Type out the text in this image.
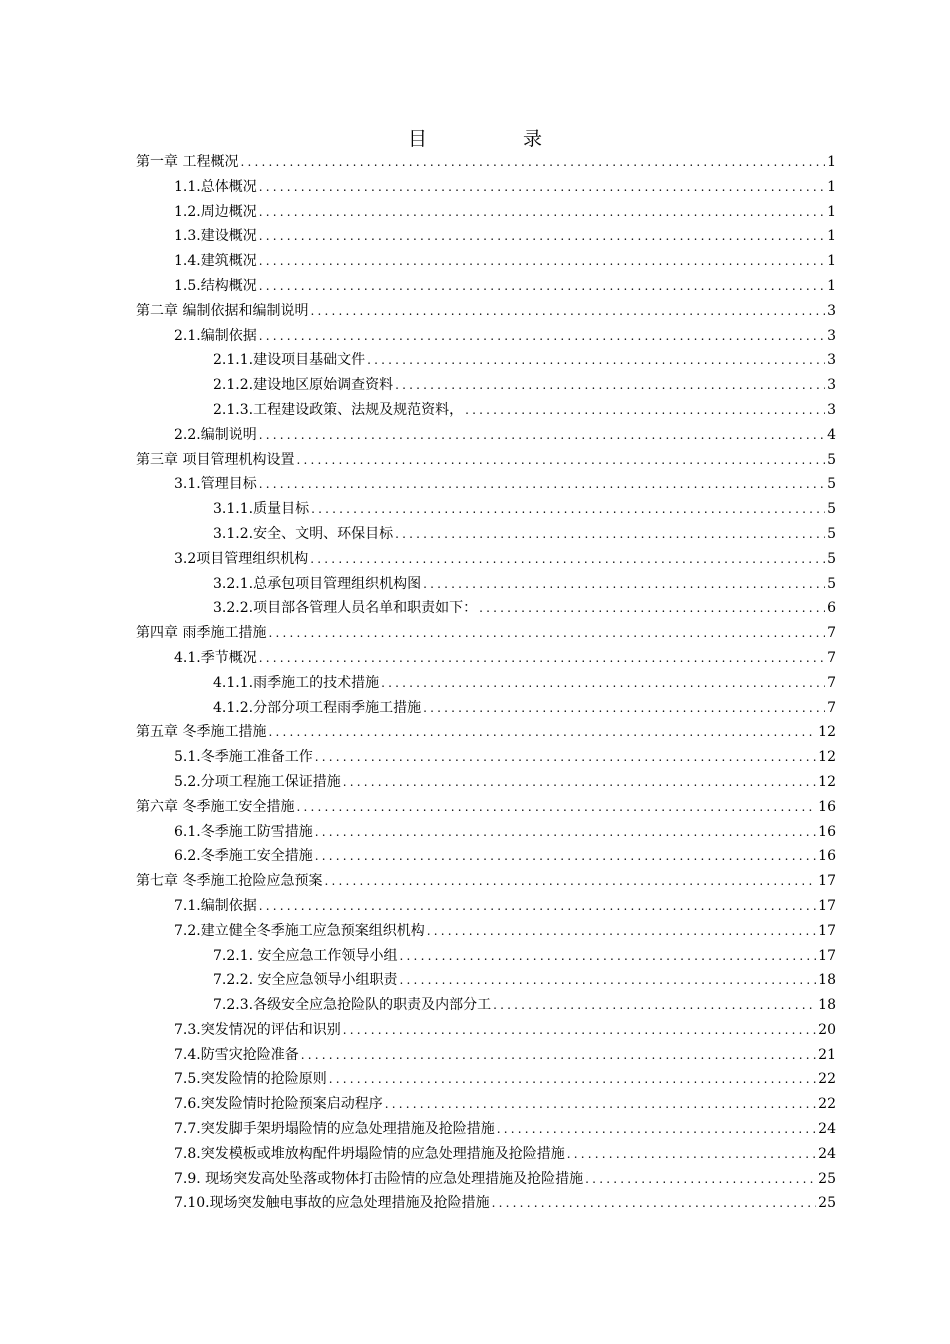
目	录
第一章 工程概况 .....	1
1.1.总体概况 .....	1
1.2.周边概况 .....	1
1.3.建设概况 .....	1
1.4.建筑概况 .....	1
1.5.结构概况 .....	1
第二章 编制依据和编制说明 .....	3
2.1.编制依据 .....	3
2.1.1.建设项目基础文件 .....	3
2.1.2.建设地区原始调查资料 .....	3
2.1.3.工程建设政策、法规及规范资料， .....	3
2.2.编制说明 .....	4
第三章 项目管理机构设置 .....	5
3.1.管理目标 .....	5
3.1.1.质量目标 .....	5
3.1.2.安全、文明、环保目标 .....	5
3.2项目管理组织机构 .....	5
3.2.1.总承包项目管理组织机构图 .....	5
3.2.2.项目部各管理人员名单和职责如下： .....	6
第四章 雨季施工措施 .....	7
4.1.季节概况 .....	7
4.1.1.雨季施工的技术措施 .....	7
4.1.2.分部分项工程雨季施工措施 .....	7
第五章 冬季施工措施 .....	12
5.1.冬季施工准备工作 .....	12
5.2.分项工程施工保证措施 .....	12
第六章 冬季施工安全措施 .....	16
6.1.冬季施工防雪措施 .....	16
6.2.冬季施工安全措施 .....	16
第七章 冬季施工抢险应急预案 .....	17
7.1.编制依据 .....	17
7.2.建立健全冬季施工应急预案组织机构 .....	17
7.2.1. 安全应急工作领导小组 .....	17
7.2.2. 安全应急领导小组职责 .....	18
7.2.3.各级安全应急抢险队的职责及内部分工 .....	18
7.3.突发情况的评估和识别 .....	20
7.4.防雪灾抢险准备 .....	21
7.5.突发险情的抢险原则 .....	22
7.6.突发险情时抢险预案启动程序 .....	22
7.7.突发脚手架坍塌险情的应急处理措施及抢险措施 .....	24
7.8.突发模板或堆放构配件坍塌险情的应急处理措施及抢险措施 .....	24
7.9. 现场突发高处坠落或物体打击险情的应急处理措施及抢险措施 .....	25
7.10.现场突发触电事故的应急处理措施及抢险措施 .....	25
